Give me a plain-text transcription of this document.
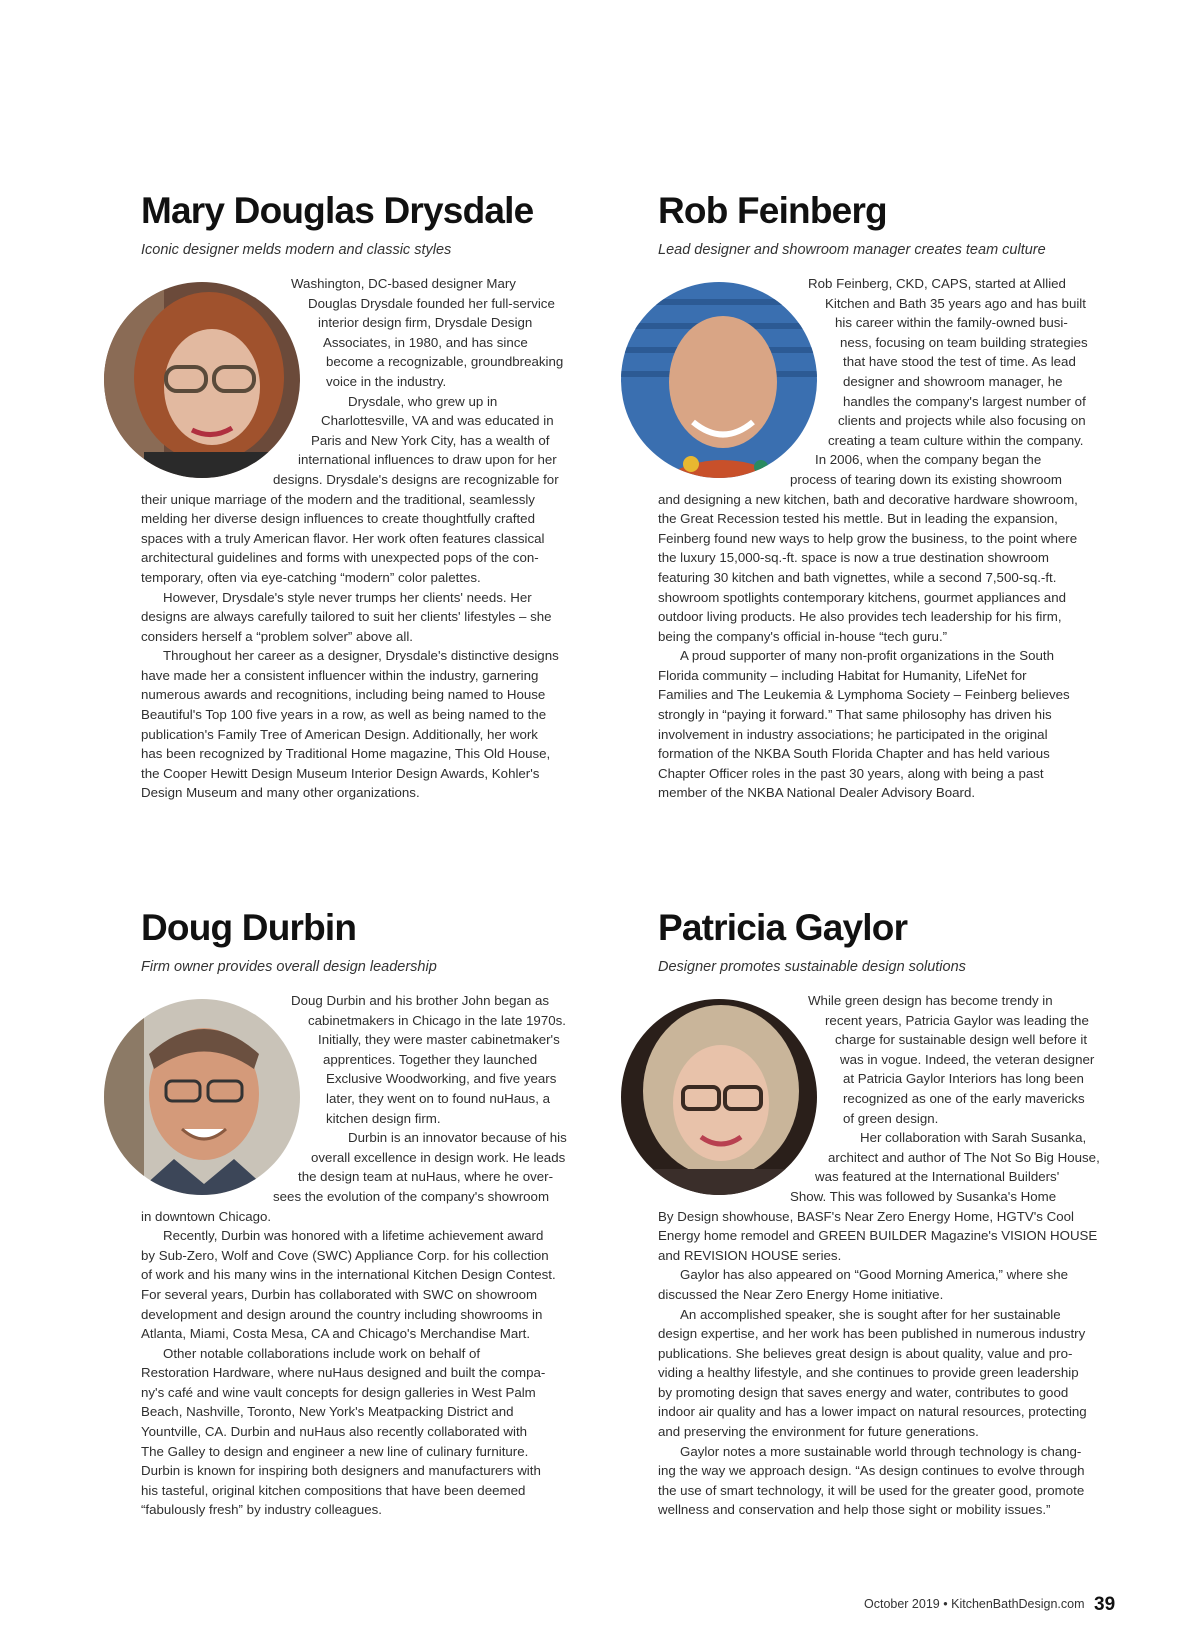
Mary Douglas Drysdale
Iconic designer melds modern and classic styles
Washington, DC-based designer Mary
Douglas Drysdale founded her full-service
interior design firm, Drysdale Design
Associates, in 1980, and has since
become a recognizable, groundbreaking
voice in the industry.
Drysdale, who grew up in
Charlottesville, VA and was educated in
Paris and New York City, has a wealth of
international influences to draw upon for her
designs. Drysdale's designs are recognizable for
their unique marriage of the modern and the traditional, seamlessly
melding her diverse design influences to create thoughtfully crafted
spaces with a truly American flavor. Her work often features classical
architectural guidelines and forms with unexpected pops of the con-
temporary, often via eye-catching “modern” color palettes.
However, Drysdale's style never trumps her clients' needs. Her
designs are always carefully tailored to suit her clients' lifestyles – she
considers herself a “problem solver” above all.
Throughout her career as a designer, Drysdale's distinctive designs
have made her a consistent influencer within the industry, garnering
numerous awards and recognitions, including being named to House
Beautiful's Top 100 five years in a row, as well as being named to the
publication's Family Tree of American Design. Additionally, her work
has been recognized by Traditional Home magazine, This Old House,
the Cooper Hewitt Design Museum Interior Design Awards, Kohler's
Design Museum and many other organizations.
Rob Feinberg
Lead designer and showroom manager creates team culture
Rob Feinberg, CKD, CAPS, started at Allied
Kitchen and Bath 35 years ago and has built
his career within the family-owned busi-
ness, focusing on team building strategies
that have stood the test of time. As lead
designer and showroom manager, he
handles the company's largest number of
clients and projects while also focusing on
creating a team culture within the company.
In 2006, when the company began the
process of tearing down its existing showroom
and designing a new kitchen, bath and decorative hardware showroom,
the Great Recession tested his mettle. But in leading the expansion,
Feinberg found new ways to help grow the business, to the point where
the luxury 15,000-sq.-ft. space is now a true destination showroom
featuring 30 kitchen and bath vignettes, while a second 7,500-sq.-ft.
showroom spotlights contemporary kitchens, gourmet appliances and
outdoor living products. He also provides tech leadership for his firm,
being the company's official in-house “tech guru.”
A proud supporter of many non-profit organizations in the South
Florida community – including Habitat for Humanity, LifeNet for
Families and The Leukemia & Lymphoma Society – Feinberg believes
strongly in “paying it forward.” That same philosophy has driven his
involvement in industry associations; he participated in the original
formation of the NKBA South Florida Chapter and has held various
Chapter Officer roles in the past 30 years, along with being a past
member of the NKBA National Dealer Advisory Board.
Doug Durbin
Firm owner provides overall design leadership
Doug Durbin and his brother John began as
cabinetmakers in Chicago in the late 1970s.
Initially, they were master cabinetmaker's
apprentices. Together they launched
Exclusive Woodworking, and five years
later, they went on to found nuHaus, a
kitchen design firm.
Durbin is an innovator because of his
overall excellence in design work. He leads
the design team at nuHaus, where he over-
sees the evolution of the company's showroom
in downtown Chicago.
Recently, Durbin was honored with a lifetime achievement award
by Sub-Zero, Wolf and Cove (SWC) Appliance Corp. for his collection
of work and his many wins in the international Kitchen Design Contest.
For several years, Durbin has collaborated with SWC on showroom
development and design around the country including showrooms in
Atlanta, Miami, Costa Mesa, CA and Chicago's Merchandise Mart.
Other notable collaborations include work on behalf of
Restoration Hardware, where nuHaus designed and built the compa-
ny's café and wine vault concepts for design galleries in West Palm
Beach, Nashville, Toronto, New York's Meatpacking District and
Yountville, CA. Durbin and nuHaus also recently collaborated with
The Galley to design and engineer a new line of culinary furniture.
Durbin is known for inspiring both designers and manufacturers with
his tasteful, original kitchen compositions that have been deemed
“fabulously fresh” by industry colleagues.
Patricia Gaylor
Designer promotes sustainable design solutions
While green design has become trendy in
recent years, Patricia Gaylor was leading the
charge for sustainable design well before it
was in vogue. Indeed, the veteran designer
at Patricia Gaylor Interiors has long been
recognized as one of the early mavericks
of green design.
Her collaboration with Sarah Susanka,
architect and author of The Not So Big House,
was featured at the International Builders'
Show. This was followed by Susanka's Home
By Design showhouse, BASF's Near Zero Energy Home, HGTV's Cool
Energy home remodel and GREEN BUILDER Magazine's VISION HOUSE
and REVISION HOUSE series.
Gaylor has also appeared on “Good Morning America,” where she
discussed the Near Zero Energy Home initiative.
An accomplished speaker, she is sought after for her sustainable
design expertise, and her work has been published in numerous industry
publications. She believes great design is about quality, value and pro-
viding a healthy lifestyle, and she continues to provide green leadership
by promoting design that saves energy and water, contributes to good
indoor air quality and has a lower impact on natural resources, protecting
and preserving the environment for future generations.
Gaylor notes a more sustainable world through technology is chang-
ing the way we approach design. “As design continues to evolve through
the use of smart technology, it will be used for the greater good, promote
wellness and conservation and help those sight or mobility issues.”
October 2019 • KitchenBathDesign.com 39
